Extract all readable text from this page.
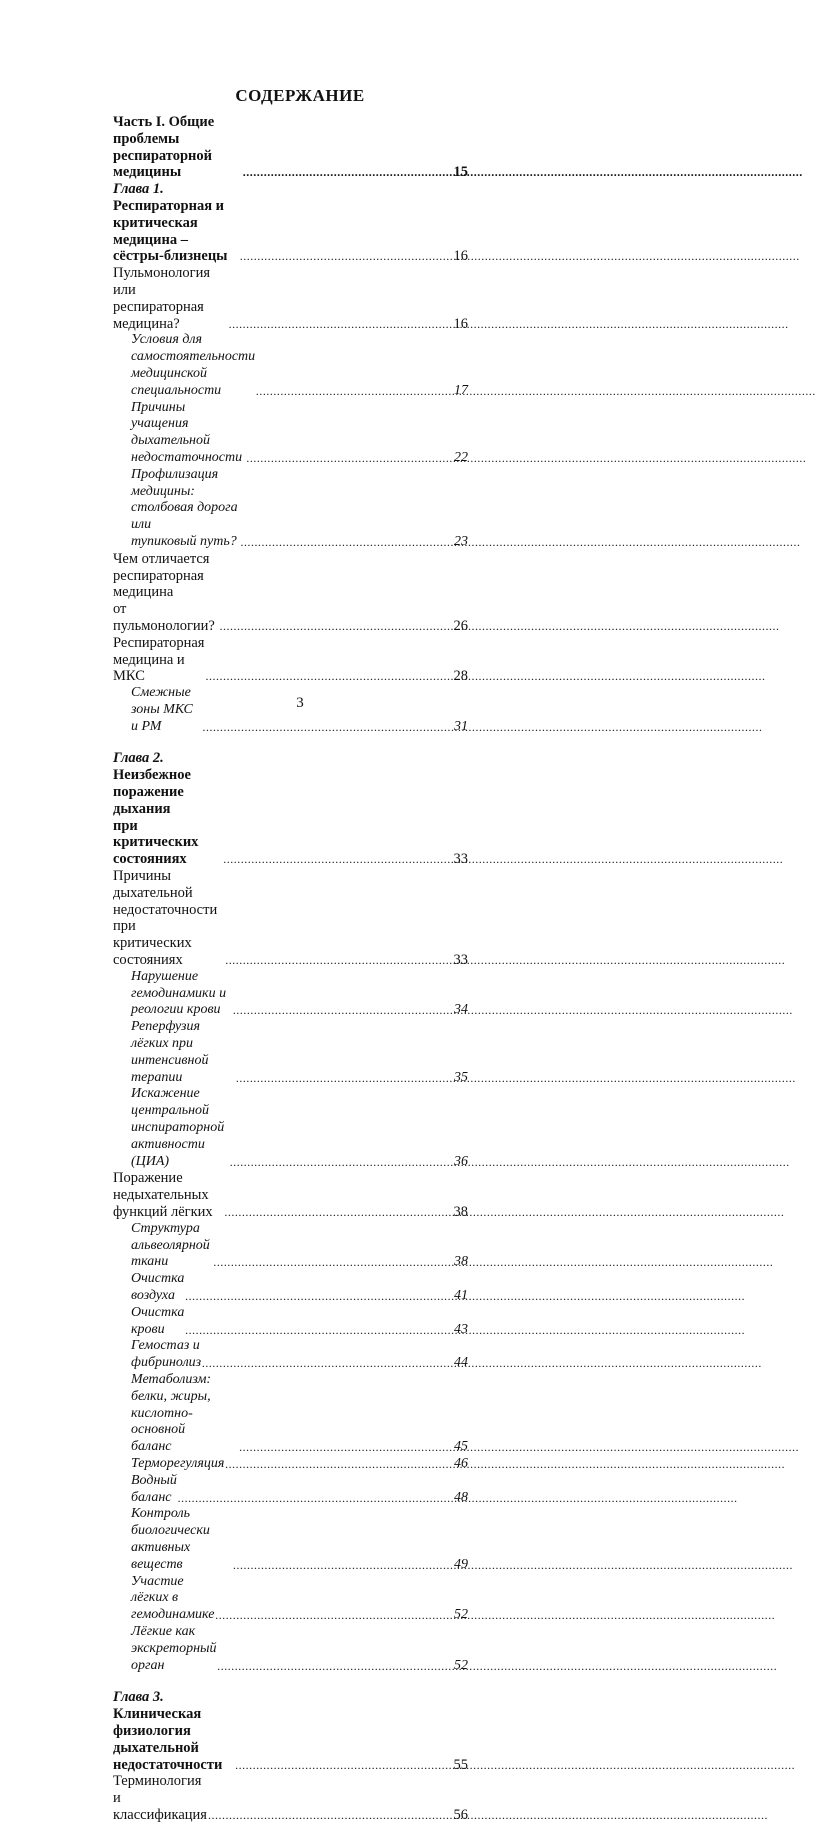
СОДЕРЖАНИЕ
Часть I. Общие проблемы респираторной медицины .....	15
Глава 1. Респираторная и критическая медицина –
сёстры-близнецы .....	16
Пульмонология или респираторная медицина? .....	16
Условия для самостоятельности медицинской
специальности .....	17
Причины учащения дыхательной недостаточности .....	22
Профилизация медицины: столбовая дорога или
тупиковый путь? .....	23
Чем отличается респираторная медицина
от пульмонологии? .....	26
Респираторная медицина и МКС .....	28
Смежные зоны МКС и РМ .....	31
Глава 2. Неизбежное поражение дыхания
при критических состояниях .....	33
Причины дыхательной недостаточности при
критических состояниях .....	33
Нарушение гемодинамики и реологии крови .....	34
Реперфузия лёгких при интенсивной терапии .....	35
Искажение центральной инспираторной
активности (ЦИА) .....	36
Поражение недыхательных функций лёгких .....	38
Структура альвеолярной ткани .....	38
Очистка воздуха .....	41
Очистка крови .....	43
Гемостаз и фибринолиз .....	44
Метаболизм: белки, жиры, кислотно-основной
баланс .....	45
Терморегуляция .....	46
Водный баланс .....	48
Контроль биологически активных веществ .....	49
Участие лёгких в гемодинамике .....	52
Лёгкие как экскреторный орган .....	52
Глава 3. Клиническая физиология дыхательной
недостаточности .....	55
Терминология и классификация .....	56
3
